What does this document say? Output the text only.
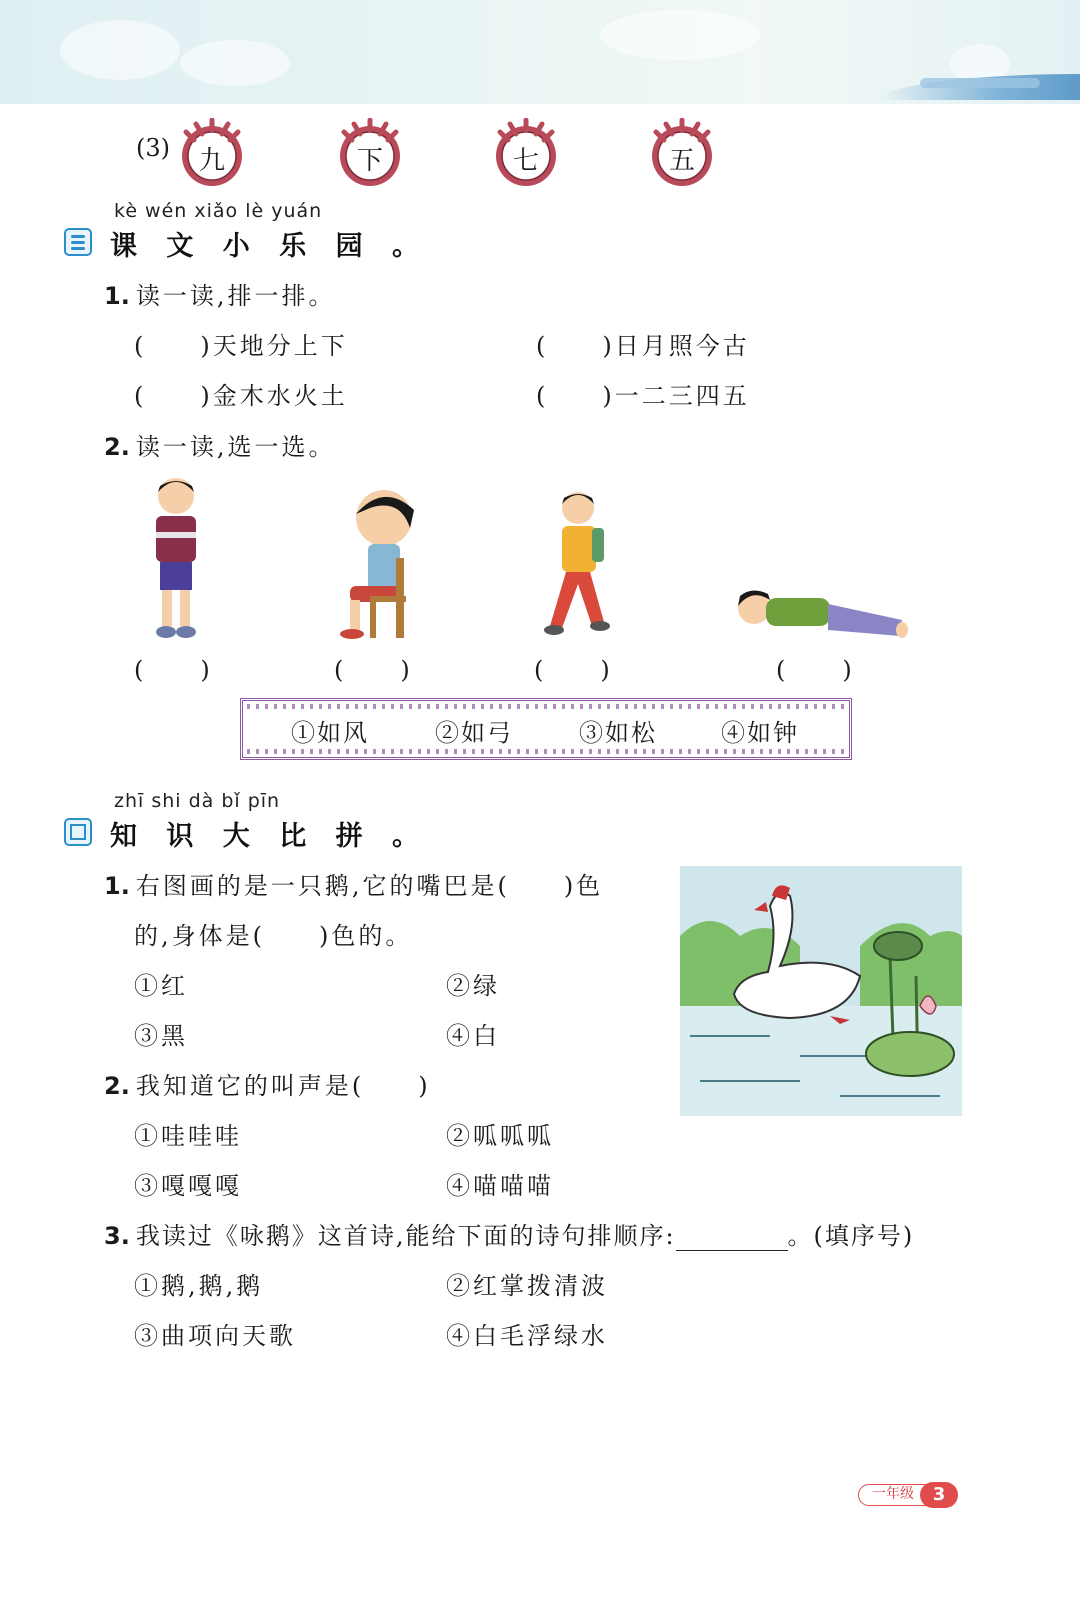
(3)	九	下	七	五
kè wén xiǎo lè yuán
课 文 小 乐 园 。
1. 读一读,排一排。
(　　)天地分上下	(　　)日月照今古
(　　)金木水火土	(　　)一二三四五
2. 读一读,选一选。
(　　)	(　　)	(　　)	(　　)
①如风	②如弓	③如松	④如钟
zhī shi dà bǐ pīn
知 识 大 比 拼 。
1. 右图画的是一只鹅,它的嘴巴是(　　)色
的,身体是(　　)色的。
①红	②绿
③黑	④白
2. 我知道它的叫声是(　　)
①哇哇哇	②呱呱呱
③嘎嘎嘎	④喵喵喵
3. 我读过《咏鹅》这首诗,能给下面的诗句排顺序:	。(填序号)
①鹅,鹅,鹅	②红掌拨清波
③曲项向天歌	④白毛浮绿水
一年级	3
